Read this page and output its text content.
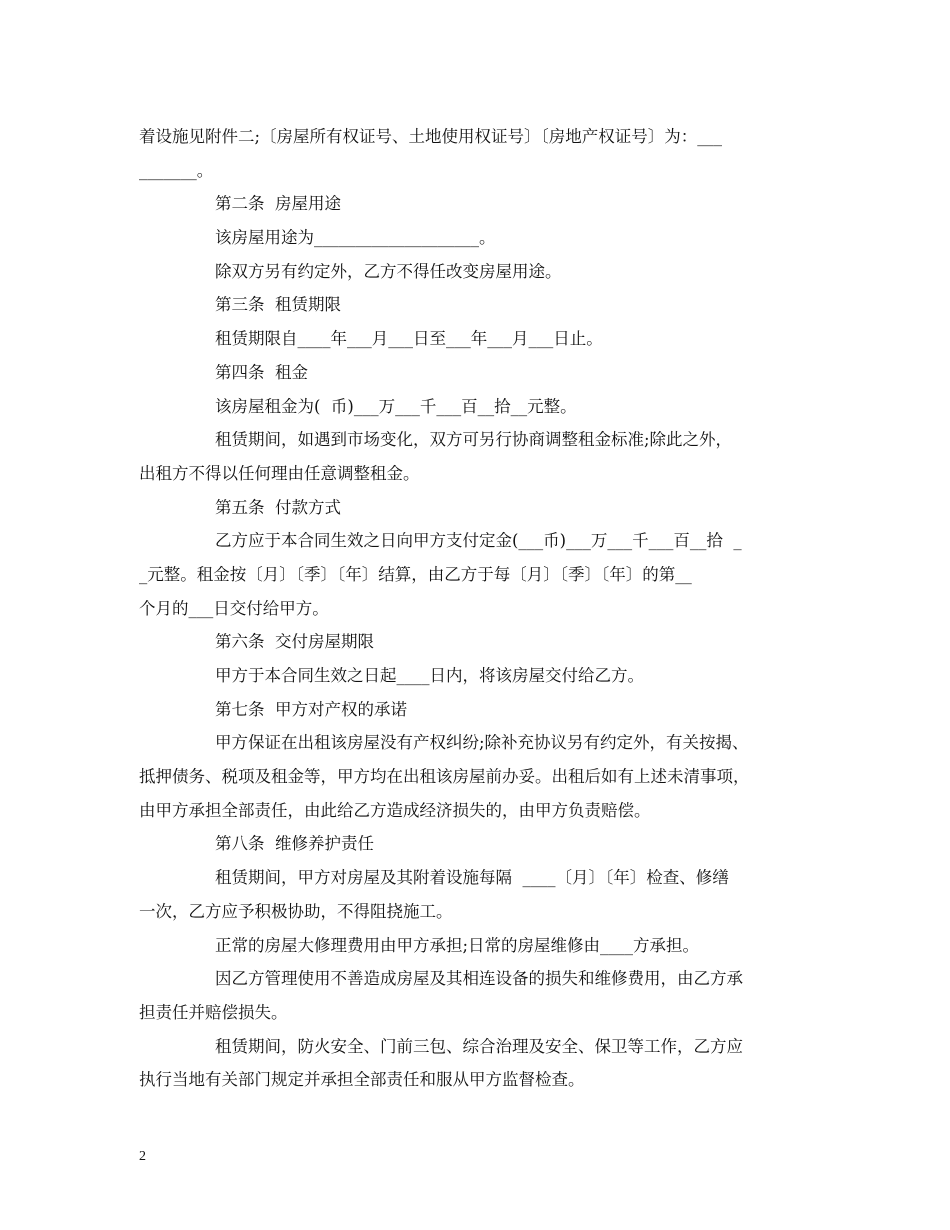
着设施见附件二;〔房屋所有权证号、土地使用权证号〕〔房地产权证号〕为：___
_______。
第二条  房屋用途
该房屋用途为____________________。
除双方另有约定外，乙方不得任改变房屋用途。
第三条  租赁期限
租赁期限自____年___月___日至___年___月___日止。
第四条  租金
该房屋租金为(  币)___万___千___百__拾__元整。
租赁期间，如遇到市场变化，双方可另行协商调整租金标准;除此之外，
出租方不得以任何理由任意调整租金。
第五条  付款方式
乙方应于本合同生效之日向甲方支付定金(___币)___万___千___百__拾  _
_元整。租金按〔月〕〔季〕〔年〕结算，由乙方于每〔月〕〔季〕〔年〕的第__
个月的___日交付给甲方。
第六条  交付房屋期限
甲方于本合同生效之日起____日内，将该房屋交付给乙方。
第七条  甲方对产权的承诺
甲方保证在出租该房屋没有产权纠纷;除补充协议另有约定外，有关按揭、
抵押债务、税项及租金等，甲方均在出租该房屋前办妥。出租后如有上述未清事项，
由甲方承担全部责任，由此给乙方造成经济损失的，由甲方负责赔偿。
第八条  维修养护责任
租赁期间，甲方对房屋及其附着设施每隔  ____〔月〕〔年〕检查、修缮
一次，乙方应予积极协助，不得阻挠施工。
正常的房屋大修理费用由甲方承担;日常的房屋维修由____方承担。
因乙方管理使用不善造成房屋及其相连设备的损失和维修费用，由乙方承
担责任并赔偿损失。
租赁期间，防火安全、门前三包、综合治理及安全、保卫等工作，乙方应
执行当地有关部门规定并承担全部责任和服从甲方监督检查。
2
